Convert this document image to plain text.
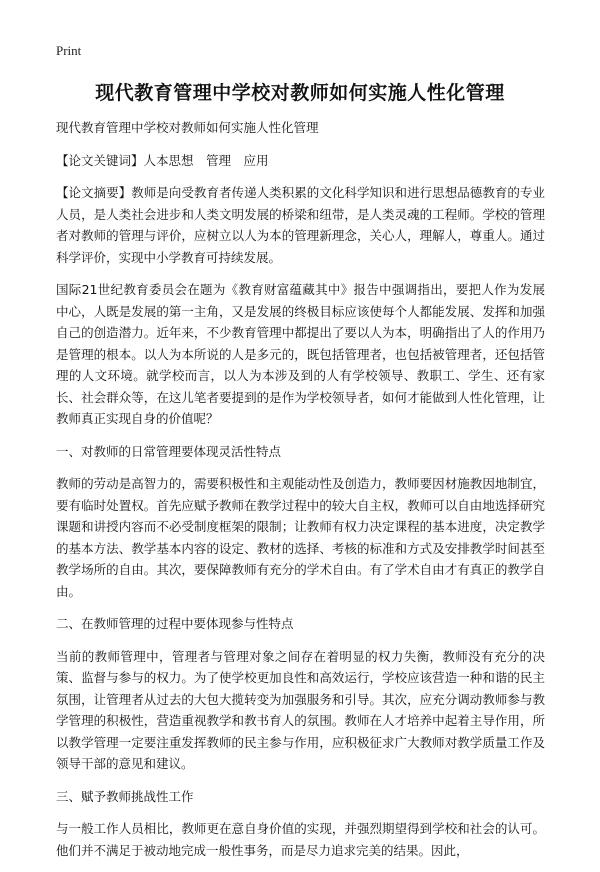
Print
现代教育管理中学校对教师如何实施人性化管理

现代教育管理中学校对教师如何实施人性化管理

【论文关键词】人本思想　管理　应用

【论文摘要】教师是向受教育者传递人类积累的文化科学知识和进行思想品德教育的专业人员，是人类社会进步和人类文明发展的桥梁和纽带，是人类灵魂的工程师。学校的管理者对教师的管理与评价，应树立以人为本的管理新理念，关心人，理解人，尊重人。通过科学评价，实现中小学教育可持续发展。

国际21世纪教育委员会在题为《教育财富蕴藏其中》报告中强调指出，要把人作为发展中心，人既是发展的第一主角，又是发展的终极目标应该使每个人都能发展、发挥和加强自己的创造潜力。近年来，不少教育管理中都提出了要以人为本，明确指出了人的作用乃是管理的根本。以人为本所说的人是多元的，既包括管理者，也包括被管理者，还包括管理的人文环境。就学校而言，以人为本涉及到的人有学校领导、教职工、学生、还有家长、社会群众等，在这儿笔者要提到的是作为学校领导者，如何才能做到人性化管理，让教师真正实现自身的价值呢？

一、对教师的日常管理要体现灵活性特点

教师的劳动是高智力的，需要积极性和主观能动性及创造力，教师要因材施教因地制宜，要有临时处置权。首先应赋予教师在教学过程中的较大自主权，教师可以自由地选择研究课题和讲授内容而不必受制度框架的限制；让教师有权力决定课程的基本进度，决定教学的基本方法、教学基本内容的设定、教材的选择、考核的标准和方式及安排教学时间甚至教学场所的自由。其次，要保障教师有充分的学术自由。有了学术自由才有真正的教学自由。

二、在教师管理的过程中要体现参与性特点

当前的教师管理中，管理者与管理对象之间存在着明显的权力失衡，教师没有充分的决策、监督与参与的权力。为了使学校更加良性和高效运行，学校应该营造一种和谐的民主氛围，让管理者从过去的大包大揽转变为加强服务和引导。其次，应充分调动教师参与教学管理的积极性，营造重视教学和教书育人的氛围。教师在人才培养中起着主导作用，所以教学管理一定要注重发挥教师的民主参与作用，应积极征求广大教师对教学质量工作及领导干部的意见和建议。

三、赋予教师挑战性工作

与一般工作人员相比，教师更在意自身价值的实现，并强烈期望得到学校和社会的认可。他们并不满足于被动地完成一般性事务，而是尽力追求完美的结果。因此，
